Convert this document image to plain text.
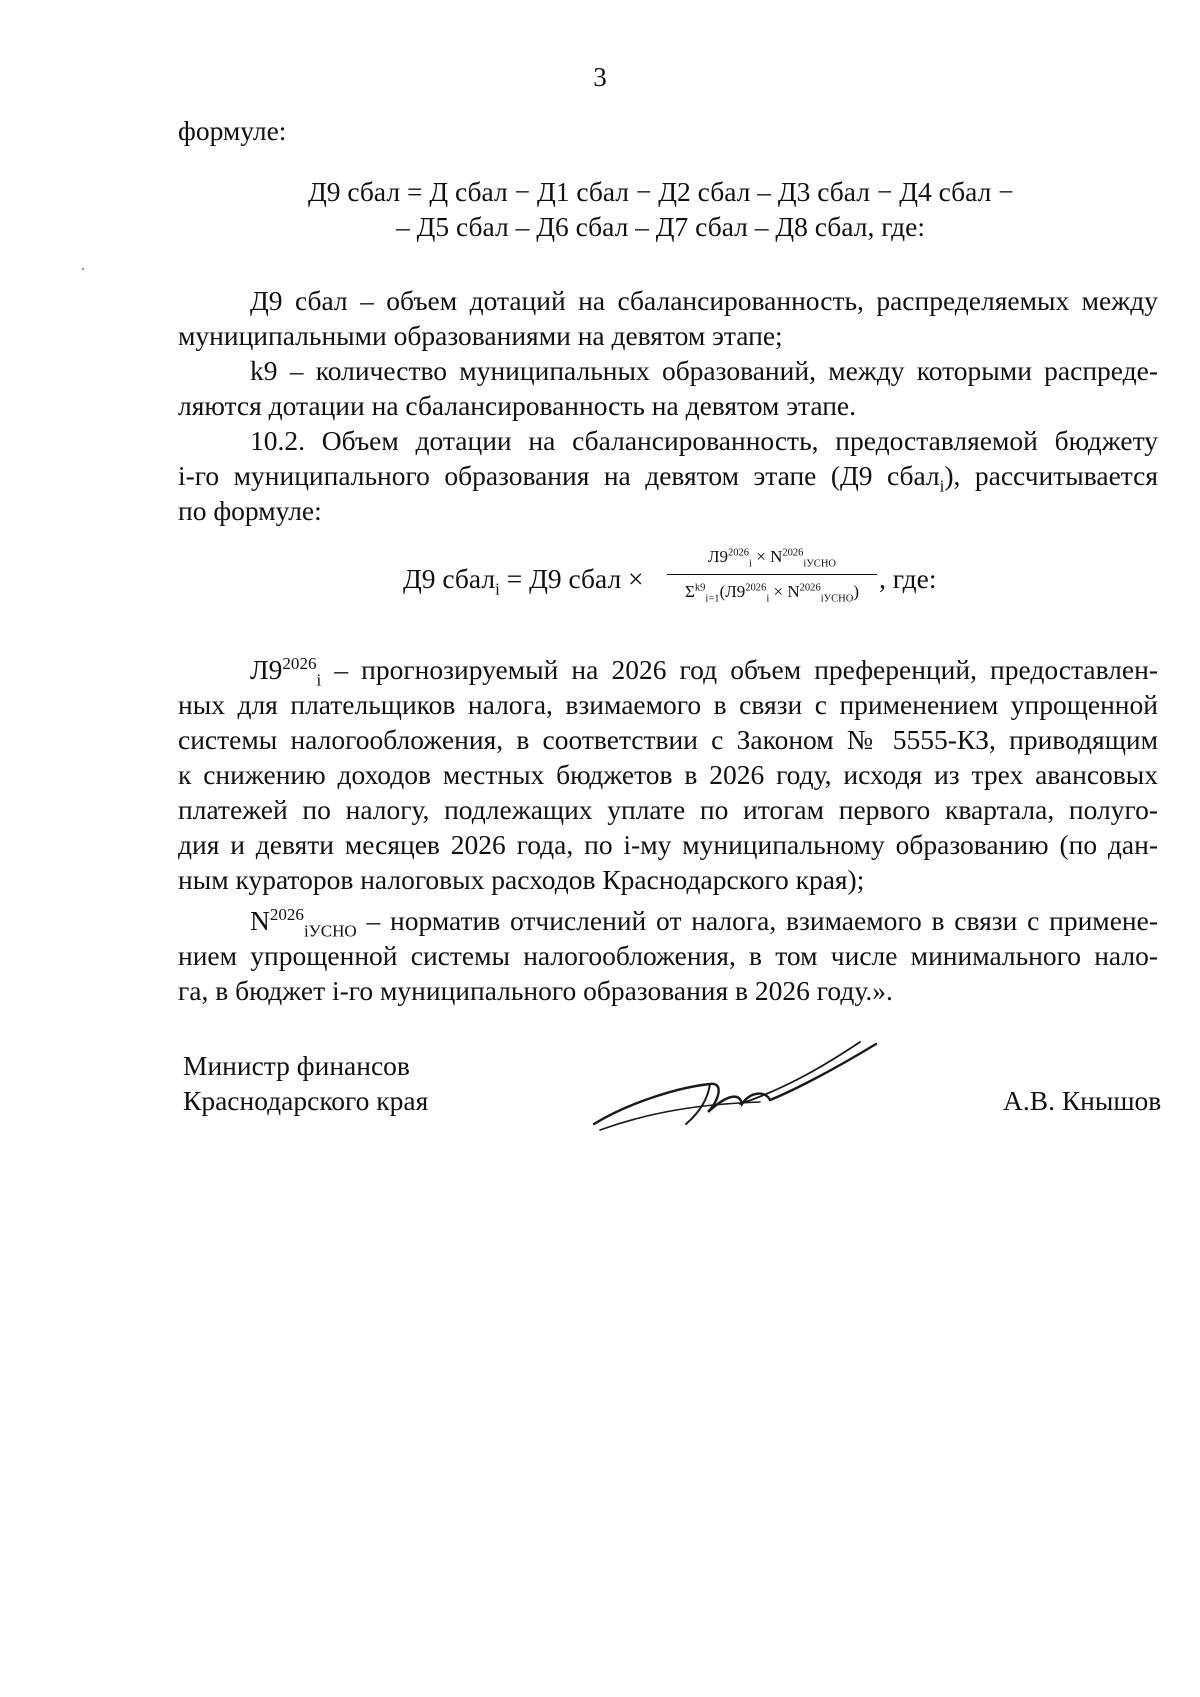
3
формуле:
Д9 сбал = Д сбал − Д1 сбал − Д2 сбал – Д3 сбал − Д4 сбал −
– Д5 сбал – Д6 сбал – Д7 сбал – Д8 сбал, где:
Д9 сбал – объем дотаций на сбалансированность, распределяемых между
муниципальными образованиями на девятом этапе;
k9 – количество муниципальных образований, между которыми распреде-
ляются дотации на сбалансированность на девятом этапе.
10.2. Объем дотации на сбалансированность, предоставляемой бюджету
i-го муниципального образования на девятом этапе (Д9 сбал$_i$), рассчитывается
по формуле:
Д9 сбал$_i$ = Д9 сбал ×
$Л9^{2026}_i \times N^{2026}_{iУСНО}$
$\Sigma^{k9}_{i=1}(Л9^{2026}_i \times N^{2026}_{iУСНО})$ , где:
$Л9^{2026}_i$ – прогнозируемый на 2026 год объем преференций, предоставлен-
ных для плательщиков налога, взимаемого в связи с применением упрощенной
системы налогообложения, в соответствии с Законом № 5555-КЗ, приводящим
к снижению доходов местных бюджетов в 2026 году, исходя из трех авансовых
платежей по налогу, подлежащих уплате по итогам первого квартала, полуго-
дия и девяти месяцев 2026 года, по i-му муниципальному образованию (по дан-
ным кураторов налоговых расходов Краснодарского края);
$N^{2026}_{iУСНО}$ – норматив отчислений от налога, взимаемого в связи с примене-
нием упрощенной системы налогообложения, в том числе минимального нало-
га, в бюджет i-го муниципального образования в 2026 году.».
Министр финансов
Краснодарского края	А.В. Кнышов
